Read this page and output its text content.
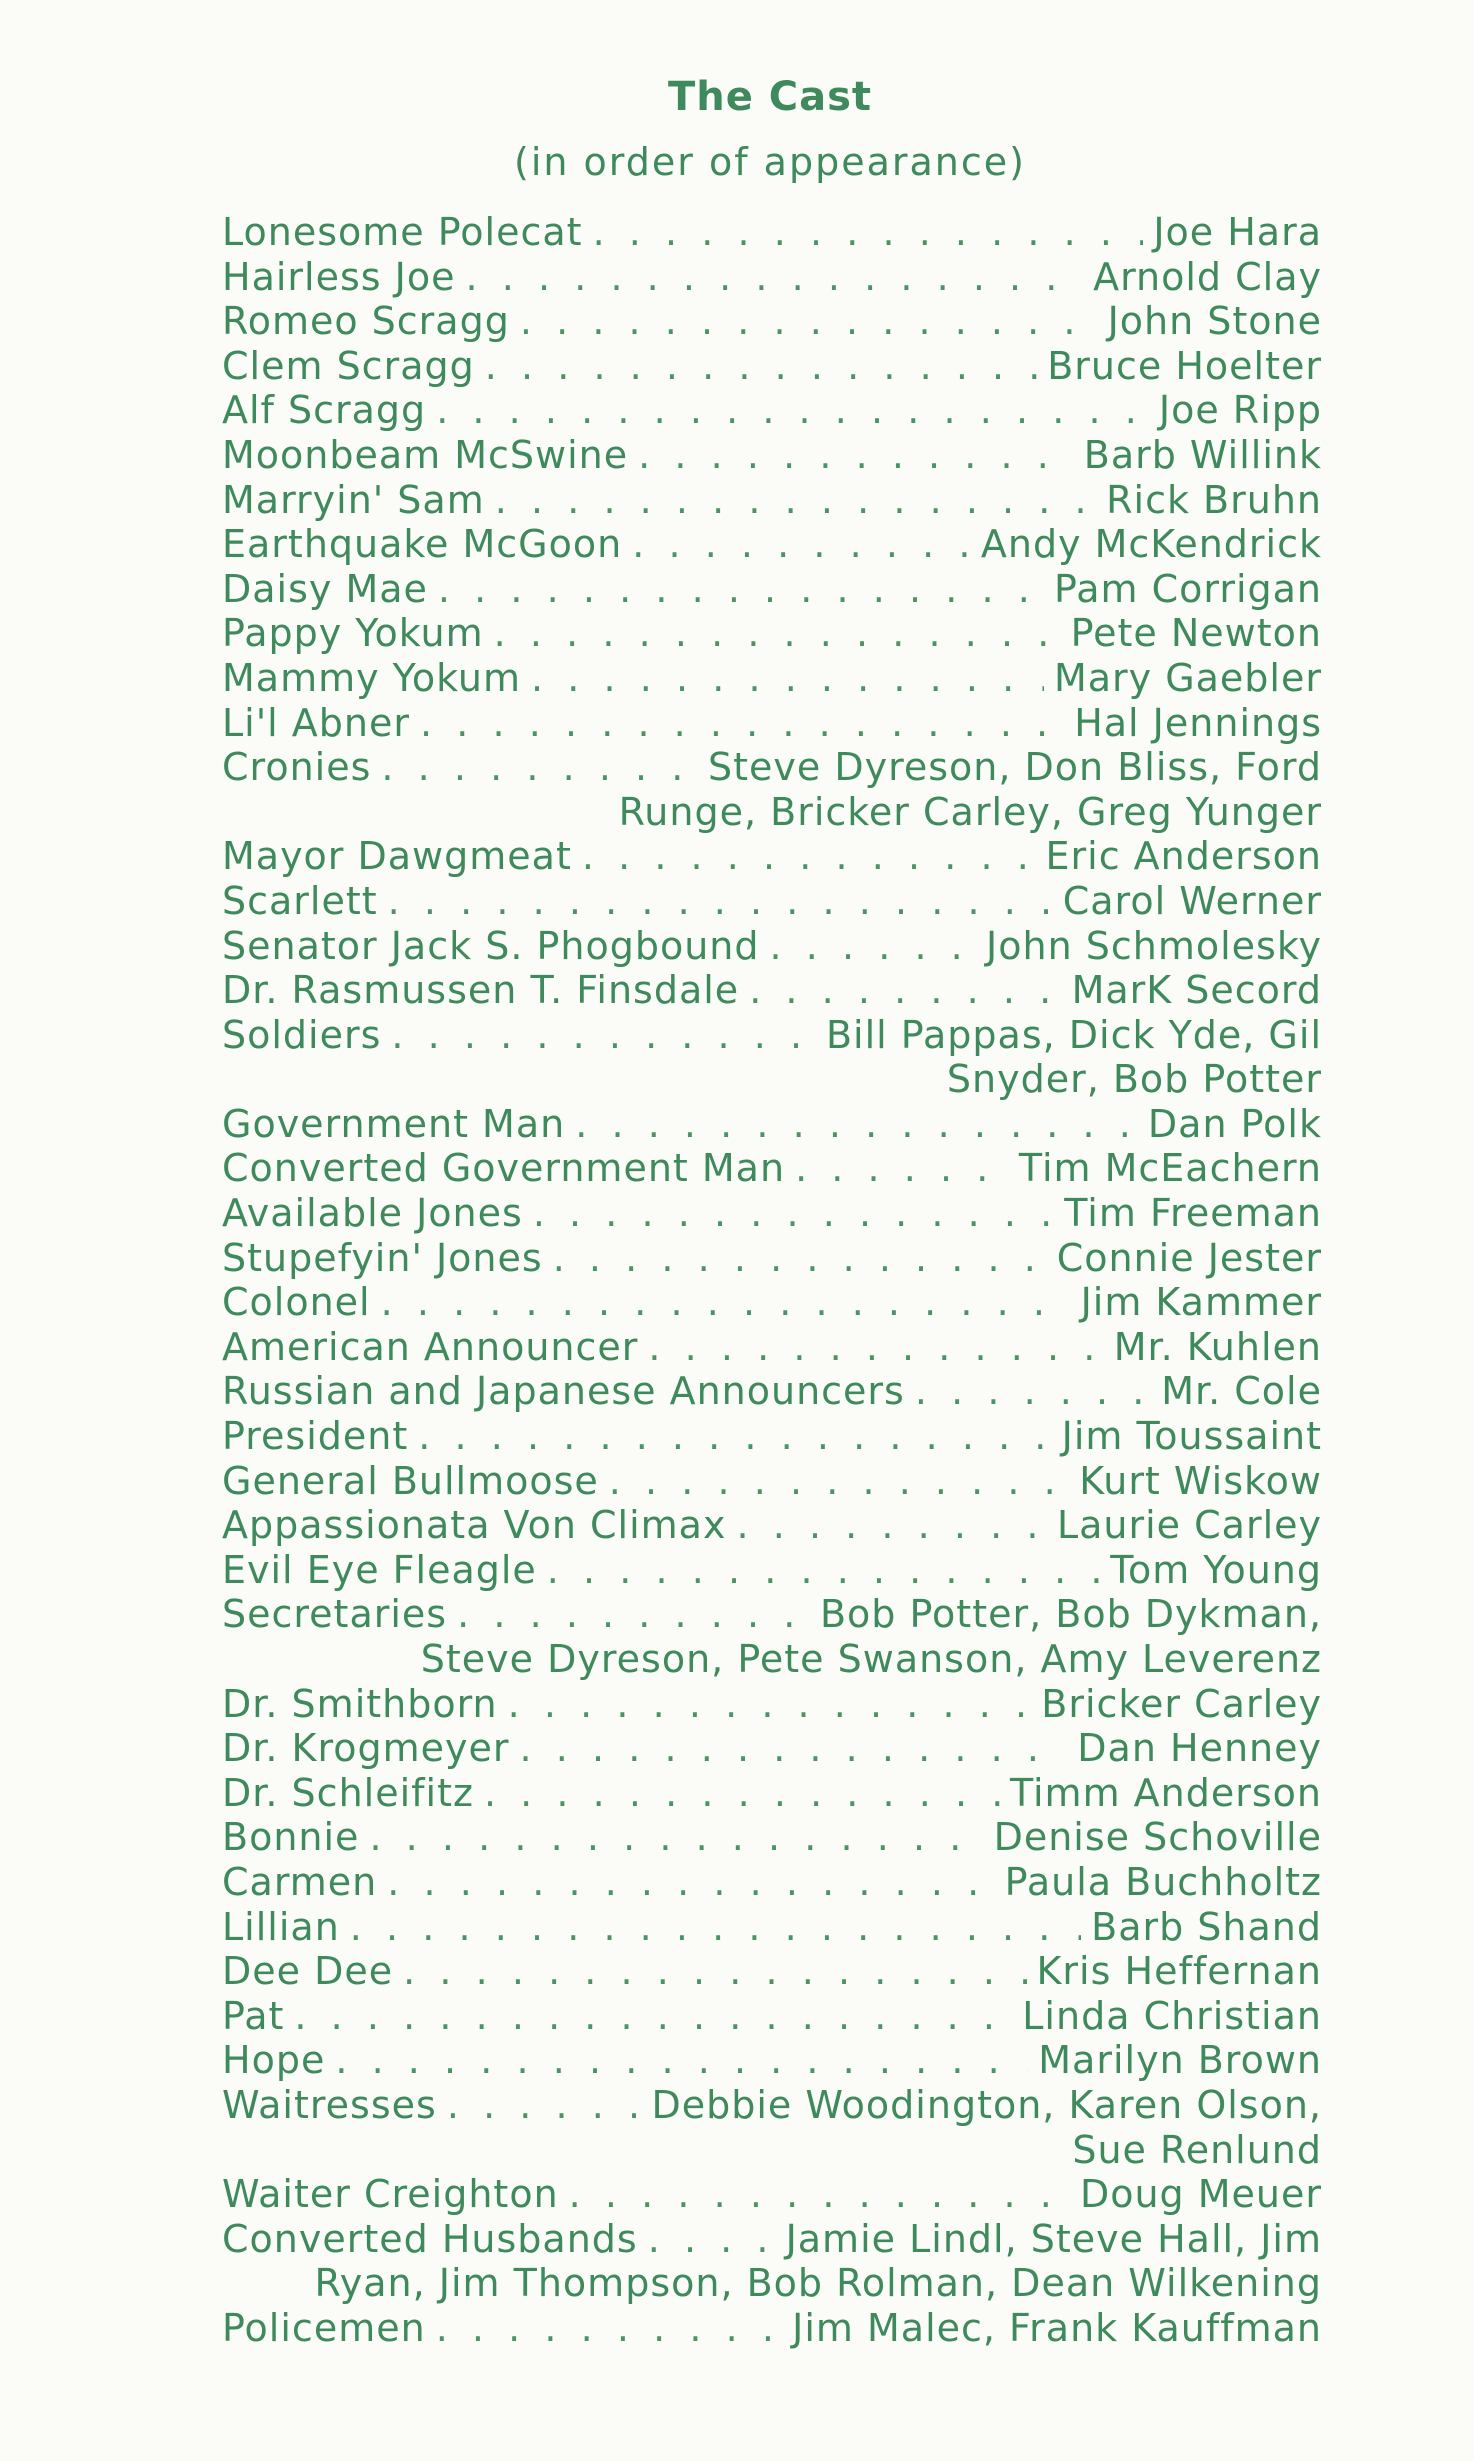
The Cast
(in order of appearance)
Lonesome Polecat . .	Joe Hara
Hairless Joe . .	Arnold Clay
Romeo Scragg . .	John Stone
Clem Scragg . .	Bruce Hoelter
Alf Scragg . .	Joe Ripp
Moonbeam McSwine . .	Barb Willink
Marryin' Sam . .	Rick Bruhn
Earthquake McGoon . .	Andy McKendrick
Daisy Mae . .	Pam Corrigan
Pappy Yokum . .	Pete Newton
Mammy Yokum . .	Mary Gaebler
Li'l Abner . .	Hal Jennings
Cronies . .	Steve Dyreson, Don Bliss, Ford
Runge, Bricker Carley, Greg Yunger
Mayor Dawgmeat . .	Eric Anderson
Scarlett . .	Carol Werner
Senator Jack S. Phogbound . .	John Schmolesky
Dr. Rasmussen T. Finsdale . .	MarK Secord
Soldiers . .	Bill Pappas, Dick Yde, Gil
Snyder, Bob Potter
Government Man . .	Dan Polk
Converted Government Man . .	Tim McEachern
Available Jones . .	Tim Freeman
Stupefyin' Jones . .	Connie Jester
Colonel . .	Jim Kammer
American Announcer . .	Mr. Kuhlen
Russian and Japanese Announcers . .	Mr. Cole
President . .	Jim Toussaint
General Bullmoose . .	Kurt Wiskow
Appassionata Von Climax . .	Laurie Carley
Evil Eye Fleagle . .	Tom Young
Secretaries . .	Bob Potter, Bob Dykman,
Steve Dyreson, Pete Swanson, Amy Leverenz
Dr. Smithborn . .	Bricker Carley
Dr. Krogmeyer . .	Dan Henney
Dr. Schleifitz . .	Timm Anderson
Bonnie . .	Denise Schoville
Carmen . .	Paula Buchholtz
Lillian . .	Barb Shand
Dee Dee . .	Kris Heffernan
Pat . .	Linda Christian
Hope . .	Marilyn Brown
Waitresses . .	Debbie Woodington, Karen Olson,
Sue Renlund
Waiter Creighton . .	Doug Meuer
Converted Husbands . .	Jamie Lindl, Steve Hall, Jim
Ryan, Jim Thompson, Bob Rolman, Dean Wilkening
Policemen . .	Jim Malec, Frank Kauffman
